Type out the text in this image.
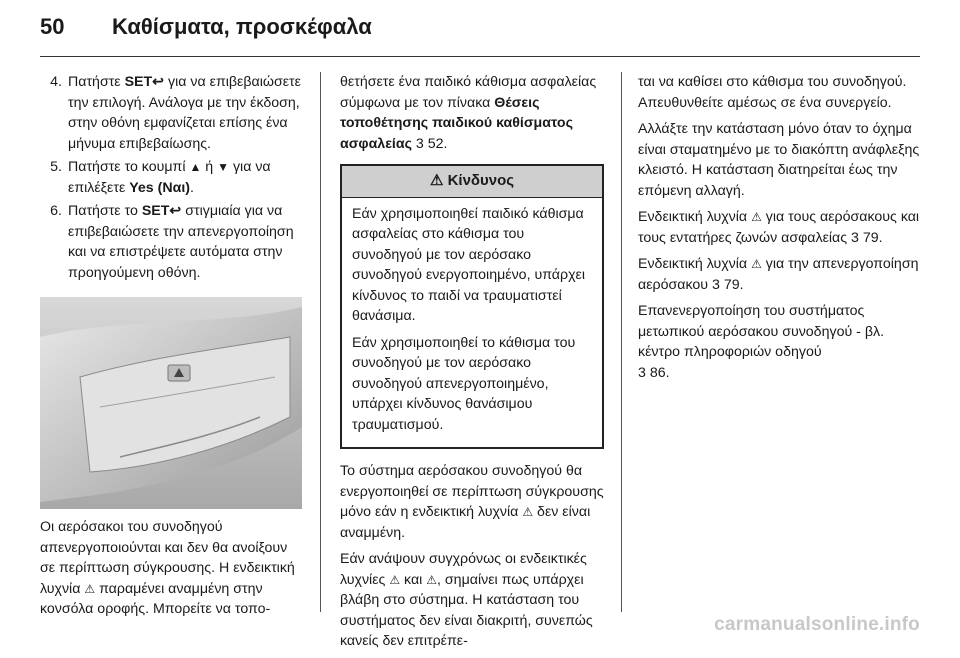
50	Καθίσματα, προσκέφαλα
4. Πατήστε SET↩ για να επιβεβαιώσετε την επιλογή. Ανάλογα με την έκδοση, στην οθόνη εμφανίζεται επίσης ένα μήνυμα επιβεβαίωσης.
5. Πατήστε το κουμπί ▲ ή ▼ για να επιλέξετε Yes (Ναι).
6. Πατήστε το SET↩ στιγμιαία για να επιβεβαιώσετε την απενεργοποίηση και να επιστρέψετε αυτόματα στην προηγούμενη οθόνη.

Οι αερόσακοι του συνοδηγού απενεργοποιούνται και δεν θα ανοίξουν σε περίπτωση σύγκρουσης. Η ενδεικτική λυχνία ⚠ παραμένει αναμμένη στην κονσόλα οροφής. Μπορείτε να τοπο-

θετήσετε ένα παιδικό κάθισμα ασφαλείας σύμφωνα με τον πίνακα Θέσεις τοποθέτησης παιδικού καθίσματος ασφαλείας 3 52.

⚠ Κίνδυνος

Εάν χρησιμοποιηθεί παιδικό κάθισμα ασφαλείας στο κάθισμα του συνοδηγού με τον αερόσακο συνοδηγού ενεργοποιημένο, υπάρχει κίνδυνος το παιδί να τραυματιστεί θανάσιμα.

Εάν χρησιμοποιηθεί το κάθισμα του συνοδηγού με τον αερόσακο συνοδηγού απενεργοποιημένο, υπάρχει κίνδυνος θανάσιμου τραυματισμού.

Το σύστημα αερόσακου συνοδηγού θα ενεργοποιηθεί σε περίπτωση σύγκρουσης μόνο εάν η ενδεικτική λυχνία ⚠ δεν είναι αναμμένη.

Εάν ανάψουν συγχρόνως οι ενδεικτικές λυχνίες ⚠ και ⚠, σημαίνει πως υπάρχει βλάβη στο σύστημα. Η κατάσταση του συστήματος δεν είναι διακριτή, συνεπώς κανείς δεν επιτρέπε-

ται να καθίσει στο κάθισμα του συνοδηγού. Απευθυνθείτε αμέσως σε ένα συνεργείο.

Αλλάξτε την κατάσταση μόνο όταν το όχημα είναι σταματημένο με το διακόπτη ανάφλεξης κλειστό. Η κατάσταση διατηρείται έως την επόμενη αλλαγή.

Ενδεικτική λυχνία ⚠ για τους αερόσακους και τους εντατήρες ζωνών ασφαλείας 3 79.

Ενδεικτική λυχνία ⚠ για την απενεργοποίηση αερόσακου 3 79.

Επανενεργοποίηση του συστήματος μετωπικού αερόσακου συνοδηγού - βλ. κέντρο πληροφοριών οδηγού
3 86.

carmanualsonline.info
